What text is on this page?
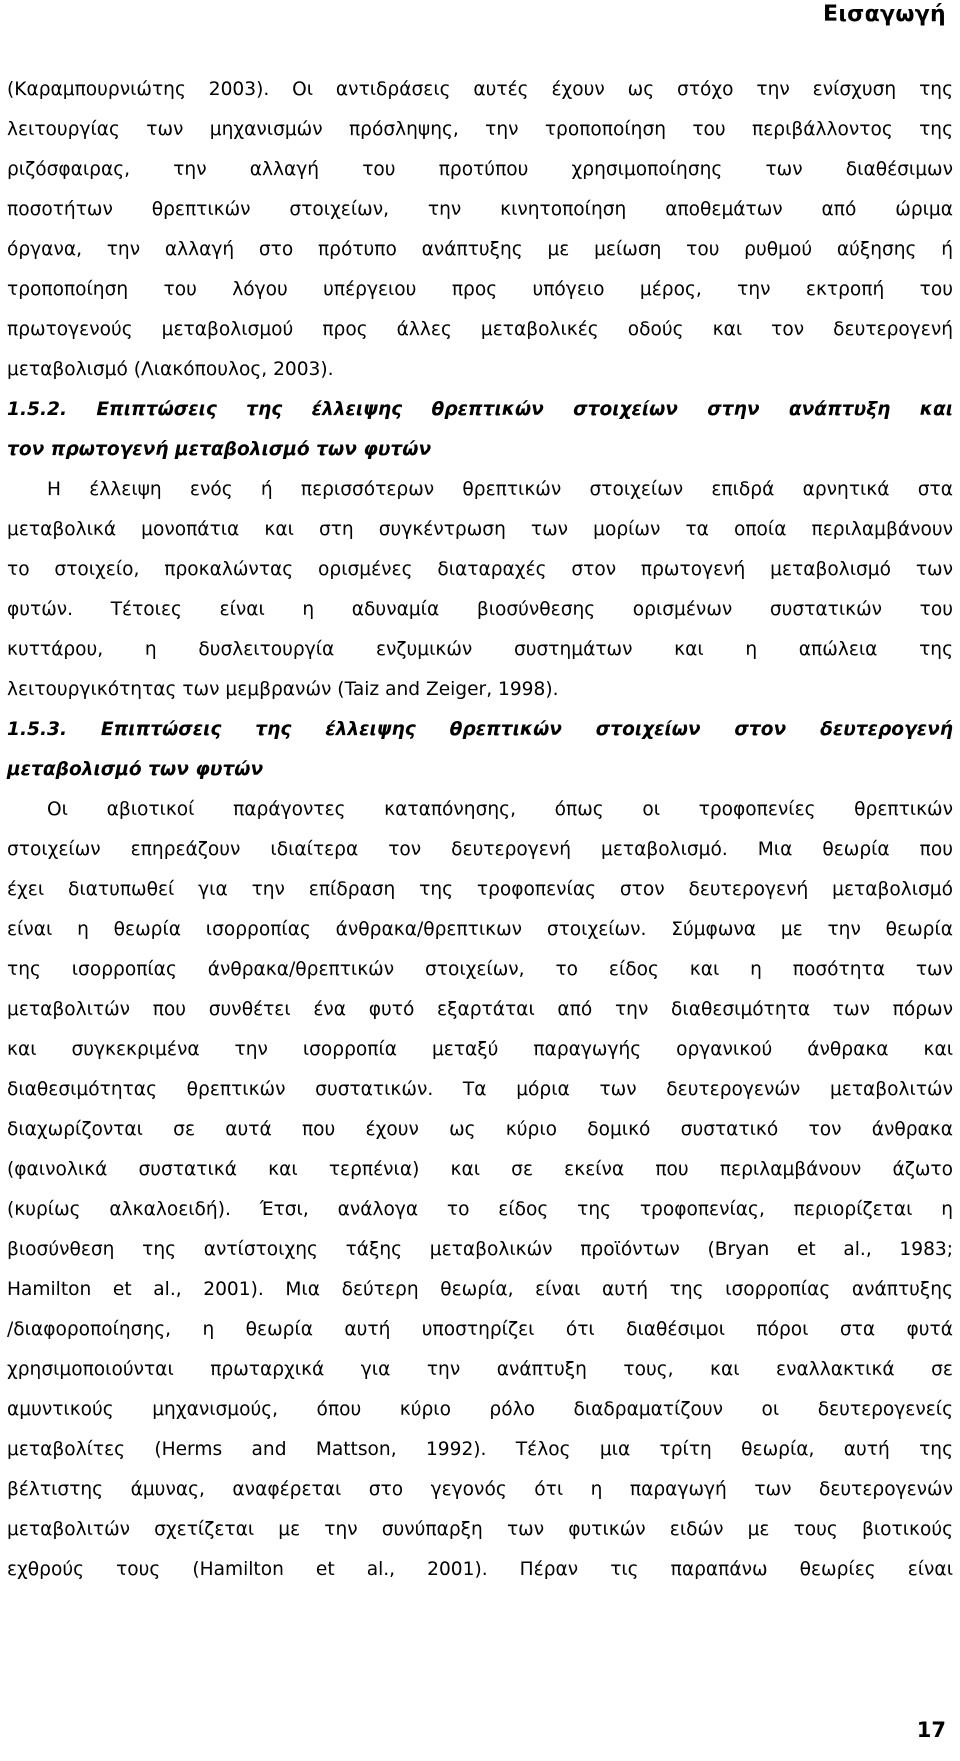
Εισαγωγή
(Καραμπουρνιώτης 2003). Οι αντιδράσεις αυτές έχουν ως στόχο την ενίσχυση της
λειτουργίας των μηχανισμών πρόσληψης, την τροποποίηση του περιβάλλοντος της
ριζόσφαιρας, την αλλαγή του προτύπου χρησιμοποίησης των διαθέσιμων
ποσοτήτων θρεπτικών στοιχείων, την κινητοποίηση αποθεμάτων από ώριμα
όργανα, την αλλαγή στο πρότυπο ανάπτυξης με μείωση του ρυθμού αύξησης ή
τροποποίηση του λόγου υπέργειου προς υπόγειο μέρος, την εκτροπή του
πρωτογενούς μεταβολισμού προς άλλες μεταβολικές οδούς και τον δευτερογενή
μεταβολισμό (Λιακόπουλος, 2003).
1.5.2. Επιπτώσεις της έλλειψης θρεπτικών στοιχείων στην ανάπτυξη και
τον πρωτογενή μεταβολισμό των φυτών
Η έλλειψη ενός ή περισσότερων θρεπτικών στοιχείων επιδρά αρνητικά στα
μεταβολικά μονοπάτια και στη συγκέντρωση των μορίων τα οποία περιλαμβάνουν
το στοιχείο, προκαλώντας ορισμένες διαταραχές στον πρωτογενή μεταβολισμό των
φυτών. Τέτοιες είναι η αδυναμία βιοσύνθεσης ορισμένων συστατικών του
κυττάρου, η δυσλειτουργία ενζυμικών συστημάτων και η απώλεια της
λειτουργικότητας των μεμβρανών (Taiz and Zeiger, 1998).
1.5.3. Επιπτώσεις της έλλειψης θρεπτικών στοιχείων στον δευτερογενή
μεταβολισμό των φυτών
Οι αβιοτικοί παράγοντες καταπόνησης, όπως οι τροφοπενίες θρεπτικών
στοιχείων επηρεάζουν ιδιαίτερα τον δευτερογενή μεταβολισμό. Μια θεωρία που
έχει διατυπωθεί για την επίδραση της τροφοπενίας στον δευτερογενή μεταβολισμό
είναι η θεωρία ισορροπίας άνθρακα/θρεπτικων στοιχείων. Σύμφωνα με την θεωρία
της ισορροπίας άνθρακα/θρεπτικών στοιχείων, το είδος και η ποσότητα των
μεταβολιτών που συνθέτει ένα φυτό εξαρτάται από την διαθεσιμότητα των πόρων
και συγκεκριμένα την ισορροπία μεταξύ παραγωγής οργανικού άνθρακα και
διαθεσιμότητας θρεπτικών συστατικών. Τα μόρια των δευτερογενών μεταβολιτών
διαχωρίζονται σε αυτά που έχουν ως κύριο δομικό συστατικό τον άνθρακα
(φαινολικά συστατικά και τερπένια) και σε εκείνα που περιλαμβάνουν άζωτο
(κυρίως αλκαλοειδή). Έτσι, ανάλογα το είδος της τροφοπενίας, περιορίζεται η
βιοσύνθεση της αντίστοιχης τάξης μεταβολικών προϊόντων (Bryan et al., 1983;
Hamilton et al., 2001). Μια δεύτερη θεωρία, είναι αυτή της ισορροπίας ανάπτυξης
/διαφοροποίησης, η θεωρία αυτή υποστηρίζει ότι διαθέσιμοι πόροι στα φυτά
χρησιμοποιούνται πρωταρχικά για την ανάπτυξη τους, και εναλλακτικά σε
αμυντικούς μηχανισμούς, όπου κύριο ρόλο διαδραματίζουν οι δευτερογενείς
μεταβολίτες (Herms and Mattson, 1992). Τέλος μια τρίτη θεωρία, αυτή της
βέλτιστης άμυνας, αναφέρεται στο γεγονός ότι η παραγωγή των δευτερογενών
μεταβολιτών σχετίζεται με την συνύπαρξη των φυτικών ειδών με τους βιοτικούς
εχθρούς τους (Hamilton et al., 2001). Πέραν τις παραπάνω θεωρίες είναι
17
